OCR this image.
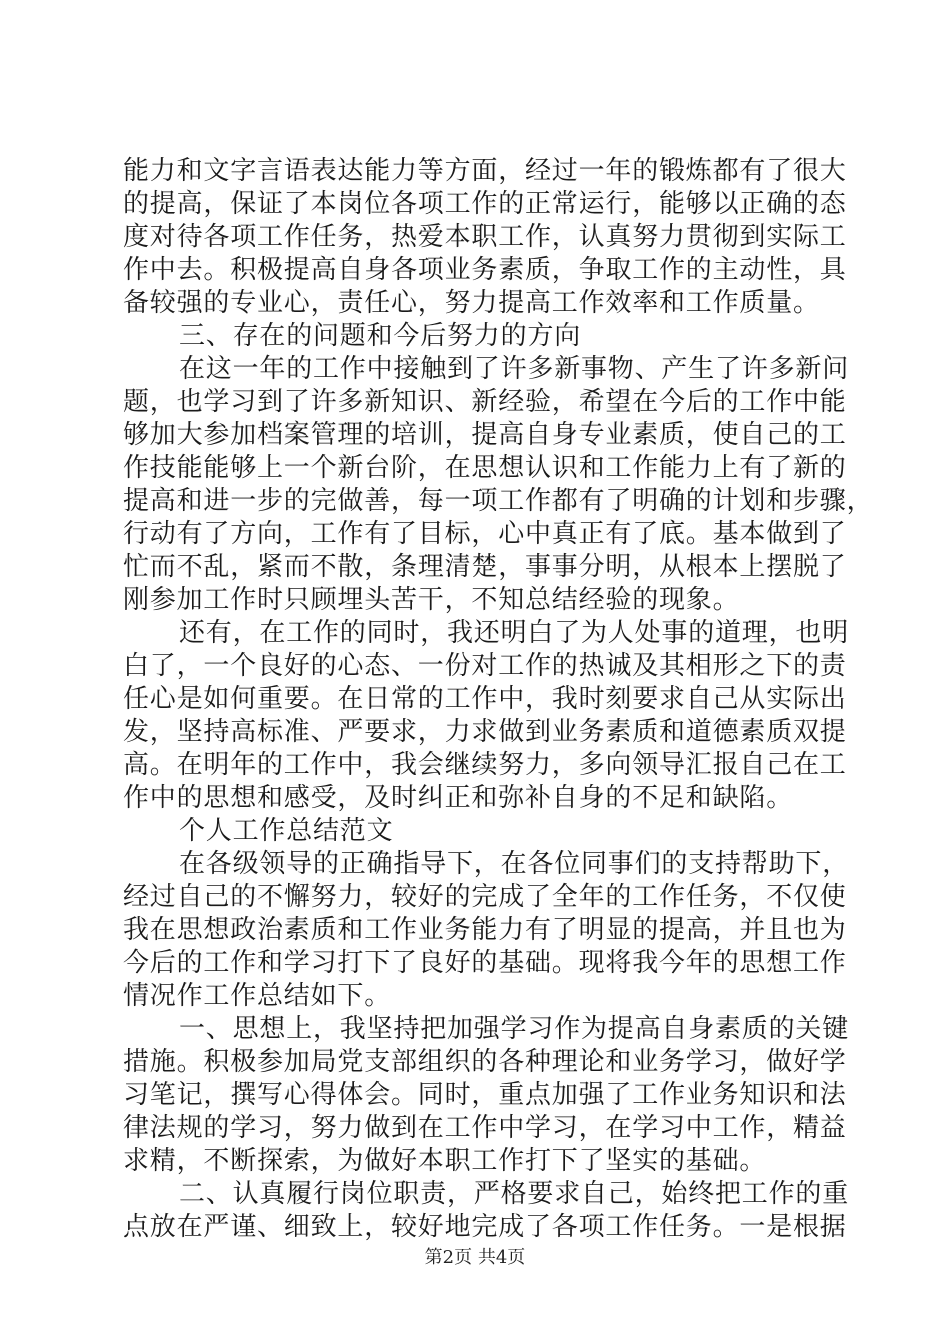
能力和文字言语表达能力等方面，经过一年的锻炼都有了很大
的提高，保证了本岗位各项工作的正常运行，能够以正确的态
度对待各项工作任务，热爱本职工作，认真努力贯彻到实际工
作中去。积极提高自身各项业务素质，争取工作的主动性，具
备较强的专业心，责任心，努力提高工作效率和工作质量。
三、存在的问题和今后努力的方向
在这一年的工作中接触到了许多新事物、产生了许多新问
题，也学习到了许多新知识、新经验，希望在今后的工作中能
够加大参加档案管理的培训，提高自身专业素质，使自己的工
作技能能够上一个新台阶，在思想认识和工作能力上有了新的
提高和进一步的完做善，每一项工作都有了明确的计划和步骤，
行动有了方向，工作有了目标，心中真正有了底。基本做到了
忙而不乱，紧而不散，条理清楚，事事分明，从根本上摆脱了
刚参加工作时只顾埋头苦干，不知总结经验的现象。
还有，在工作的同时，我还明白了为人处事的道理，也明
白了，一个良好的心态、一份对工作的热诚及其相形之下的责
任心是如何重要。在日常的工作中，我时刻要求自己从实际出
发，坚持高标准、严要求，力求做到业务素质和道德素质双提
高。在明年的工作中，我会继续努力，多向领导汇报自己在工
作中的思想和感受，及时纠正和弥补自身的不足和缺陷。
个人工作总结范文
在各级领导的正确指导下，在各位同事们的支持帮助下，
经过自己的不懈努力，较好的完成了全年的工作任务，不仅使
我在思想政治素质和工作业务能力有了明显的提高，并且也为
今后的工作和学习打下了良好的基础。现将我今年的思想工作
情况作工作总结如下。
一、思想上，我坚持把加强学习作为提高自身素质的关键
措施。积极参加局党支部组织的各种理论和业务学习，做好学
习笔记，撰写心得体会。同时，重点加强了工作业务知识和法
律法规的学习，努力做到在工作中学习，在学习中工作，精益
求精，不断探索，为做好本职工作打下了坚实的基础。
二、认真履行岗位职责，严格要求自己，始终把工作的重
点放在严谨、细致上，较好地完成了各项工作任务。一是根据
第2页 共4页
